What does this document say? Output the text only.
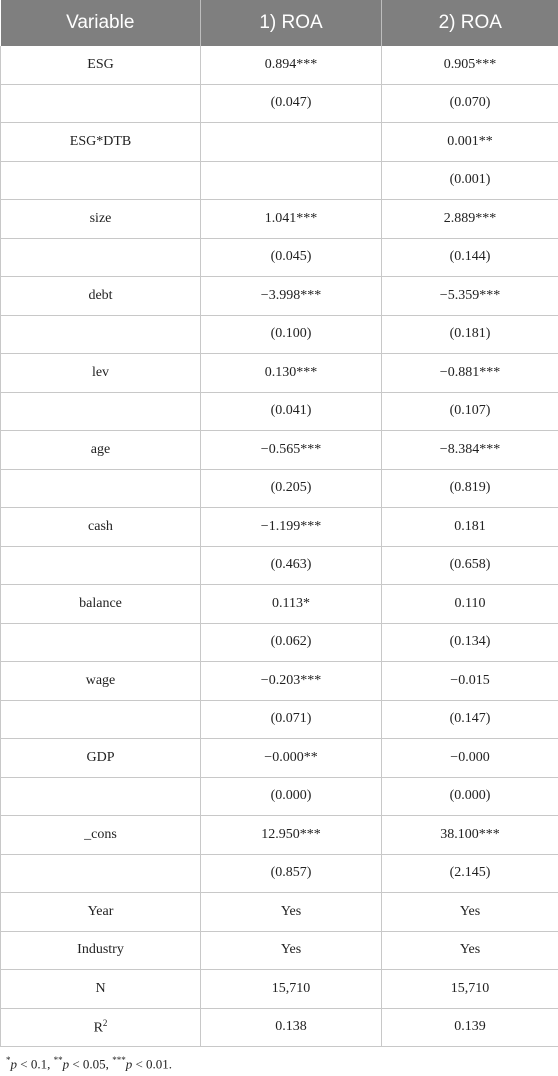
Variable	1) ROA	2) ROA
ESG	0.894***	0.905***
	(0.047)	(0.070)
ESG*DTB		0.001**
		(0.001)
size	1.041***	2.889***
	(0.045)	(0.144)
debt	−3.998***	−5.359***
	(0.100)	(0.181)
lev	0.130***	−0.881***
	(0.041)	(0.107)
age	−0.565***	−8.384***
	(0.205)	(0.819)
cash	−1.199***	0.181
	(0.463)	(0.658)
balance	0.113*	0.110
	(0.062)	(0.134)
wage	−0.203***	−0.015
	(0.071)	(0.147)
GDP	−0.000**	−0.000
	(0.000)	(0.000)
_cons	12.950***	38.100***
	(0.857)	(2.145)
Year	Yes	Yes
Industry	Yes	Yes
N	15,710	15,710
$R^2$	0.138	0.139
*p < 0.1, **p < 0.05, ***p < 0.01.
